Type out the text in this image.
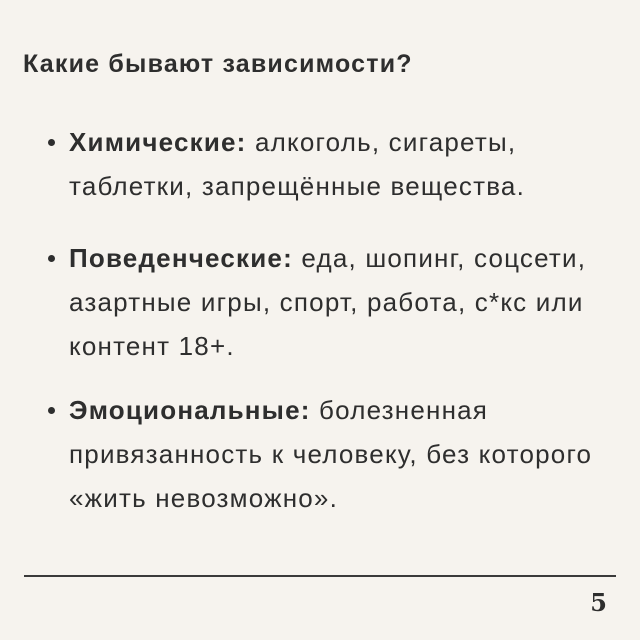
Какие бывают зависимости?
Химические: алкоголь, сигареты, таблетки, запрещённые вещества.
Поведенческие: еда, шопинг, соцсети, азартные игры, спорт, работа, с*кс или контент 18+.
Эмоциональные: болезненная привязанность к человеку, без которого «жить невозможно».
5
